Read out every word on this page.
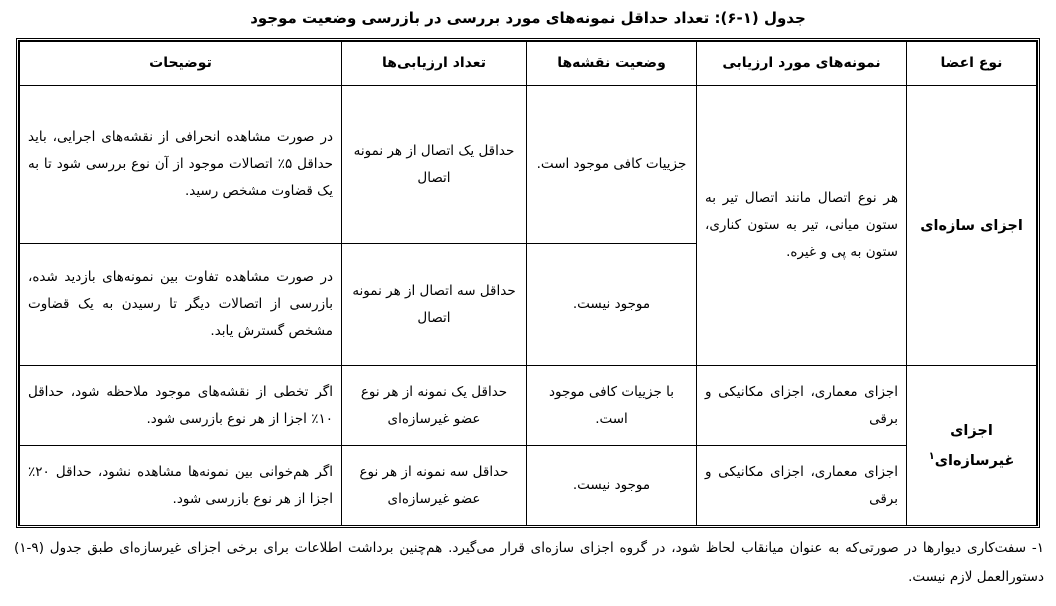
جدول (۱-۶): تعداد حداقل نمونه‌های مورد بررسی در بازرسی وضعیت موجود
نوع اعضا	نمونه‌های مورد ارزیابی	وضعیت نقشه‌ها	تعداد ارزیابی‌ها	توضیحات
اجزای سازه‌ای	هر نوع اتصال مانند اتصال تیر به ستون میانی، تیر به ستون کناری، ستون به پی و غیره.	جزییات کافی موجود است.	حداقل یک اتصال از هر نمونه اتصال	در صورت مشاهده انحرافی از نقشه‌های اجرایی، باید حداقل ۵٪ اتصالات موجود از آن نوع بررسی شود تا به یک قضاوت مشخص رسید.
		موجود نیست.	حداقل سه اتصال از هر نمونه اتصال	در صورت مشاهده تفاوت بین نمونه‌های بازدید شده، بازرسی از اتصالات دیگر تا رسیدن به یک قضاوت مشخص گسترش یابد.
اجزای غیرسازه‌ای$^۱$	اجزای معماری، اجزای مکانیکی و برقی	با جزییات کافی موجود است.	حداقل یک نمونه از هر نوع عضو غیرسازه‌ای	اگر تخطی از نقشه‌های موجود ملاحظه شود، حداقل ۱۰٪ اجزا از هر نوع بازرسی شود.
	اجزای معماری، اجزای مکانیکی و برقی	موجود نیست.	حداقل سه نمونه از هر نوع عضو غیرسازه‌ای	اگر هم‌خوانی بین نمونه‌ها مشاهده نشود، حداقل ۲۰٪ اجزا از هر نوع بازرسی شود.
۱- سفت‌کاری دیوارها در صورتی‌که به عنوان میانقاب لحاظ شود، در گروه اجزای سازه‌ای قرار می‌گیرد. هم‌چنین برداشت اطلاعات برای برخی اجزای غیرسازه‌ای طبق جدول (۹-۱) دستورالعمل لازم نیست.
